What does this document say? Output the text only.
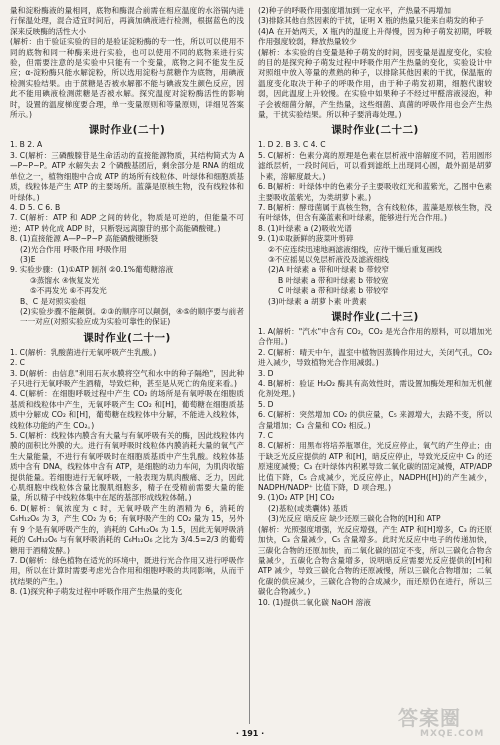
量和淀粉酶液的量相同，底物和酶混合前需在相应温度的水浴锅内进行保温处理，混合适宜时间后，再滴加碘液进行检测，根据蓝色的浅深来反映酶的活性大小

(解析：由于验证实验的目的是验证淀粉酶的专一性，所以可以使用不同的底物和同一种酶来进行实验，也可以使用不同的底物来进行实验，但需要注意的是实验中只能有一个变量，底物之间不能发生反应；α‐淀粉酶只能水解淀粉，所以选用淀粉与蔗糖作为底物，用碘液检测实验结果。由于蔗糖是否被水解都不能与碘液发生颜色反应，因此不能用碘液检测蔗糖是否被水解。探究温度对淀粉酶活性的影响时，设置的温度梯度要合理，单一变量原则和等量原则，详细见答案所示。)

课时作业(二十)

1. B 2. A

3. C(解析：三磷酸腺苷是生命活动的直接能源物质，其结构简式为 A—P~P~P。ATP 水解失去 2 个磷酸基团后，剩余部分是 RNA 的组成单位之一，植物细胞中合成 ATP 的场所有线粒体、叶绿体和细胞质基质，线粒体是产生 ATP 的主要场所。蓝藻是原核生物，没有线粒体和叶绿体。)

4. D 5. C 6. B

7. C(解析：ATP 和 ADP 之间的转化，物质是可逆的，但能量不可逆；ATP 转化成 ADP 时，只断裂远离腺苷的那个高能磷酸键。)

8. (1)直接能源 A—P~P~P 高能磷酸键断裂

(2)光合作用 呼吸作用 呼吸作用

(3)E

9. 实验步骤：(1)①ATP 制剂 ②0.1%葡萄糖溶液

③蒸馏水 ④恢复发光

⑤不再发光 ⑥不再发光

B、C 是对照实验组

(2)实验步骤不能颠倒。②③的顺序可以颠倒，④⑤的顺序要与前者一一对应(对照实验应成为实验可靠性的保证)

课时作业(二十一)

1. C(解析：乳酸菌进行无氧呼吸产生乳酸。)

2. C

3. D(解析：由信息"利用石灰水膜将空气和水中的种子隔绝"，因此种子只进行无氧呼吸产生酒精，导致烂种，甚至是从死亡的角度来看。)

4. C(解析：在细胞呼吸过程中产生 CO₂ 的场所是有氧呼吸在细胞质基质和线粒体中产生，无氧呼吸产生 CO₂ 和[H]，葡萄糖在细胞质基质中分解成 CO₂ 和[H]，葡萄糖在线粒体中分解，不能进入线粒体，线粒体功能的产生 CO₂。)

5. C(解析：线粒体内膜含有大量与有氧呼吸有关的酶，因此线粒体内膜的面积比外膜的大。进行有氧呼吸时线粒体内膜消耗大量的氧气产生大量能量，不进行有氧呼吸时在细胞质基质中产生乳酸。线粒体基质中含有 DNA，线粒体中含有 ATP，是细胞的动力车间，为肌肉收缩提供能量。若细胞进行无氧呼吸，一般表现为肌肉酸痛、乏力，因此心肌细胞中线粒体含量比腹肌细胞多，精子在受精前需要大量的能量，所以精子中线粒体集中在尾的基部形成线粒体鞘。)

6. D(解析：氧浓度为 c 时，无氧呼吸产生的酒精为 6，消耗的 C₆H₁₂O₆ 为 3，产生 CO₂ 为 6；有氧呼吸产生的 CO₂ 量为 15，另外有 9 个是有氧呼吸产生的，消耗的 C₆H₁₂O₆ 为 1.5，因此无氧呼吸消耗的 C₆H₁₂O₆ 与有氧呼吸消耗的 C₆H₁₂O₆ 之比为 3/4.5=2/3 的葡萄糖用于酒精发酵。)

7. D(解析：绿色植物在适光的环境中，既进行光合作用又进行呼吸作用，所以在计算时需要考虑光合作用和细胞呼吸的共同影响，从而干扰结果的产生。)

8. (1)探究种子萌发过程中呼吸作用产生热量的变化

(2)种子的呼吸作用强度增加到一定水平，产热量不再增加

(3)排除其他自然因素的干扰，证明 X 瓶的热量只能来自萌发的种子

(4)A 在开始两天，X 瓶内的温度上升得慢，因为种子萌发初期，呼吸作用强度较弱，释放热量较少

(解析：本实验的自变量是种子萌发的时间，因变量是温度变化，实验的目的是探究种子萌发过程中呼吸作用产生热量的变化，实验设计中对照组中放入等量的煮熟的种子，以排除其他因素的干扰，保温瓶的温度变化取决于种子的呼吸作用，由于种子萌发初期，细胞代谢较弱，因此温度上升较慢。在实验中如果种子不经过甲醛溶液浸泡，种子会被细菌分解，产生热量，这些细菌、真菌的呼吸作用也会产生热量，干扰实验结果。所以种子要消毒处理。)

课时作业(二十二)

1. D 2. B 3. C 4. C

5. C(解析：色素分离的原理是色素在层析液中溶解度不同，若用圆形滤纸层析，一段时间后，可以看到滤纸上出现同心圆，最外面是胡萝卜素，溶解度最大。)

6. B(解析：叶绿体中的色素分子主要吸收红光和蓝紫光，乙图中色素主要吸收蓝紫光，为类胡萝卜素。)

7. B(解析：酵母菌属于真核生物，含有线粒体，蓝藻是原核生物，没有叶绿体，但含有藻蓝素和叶绿素，能够进行光合作用。)

8. (1)叶绿素 a (2)吸收光谱

9. (1)①取新鲜的菠菜叶剪碎

②不应连续迅速地画滤液细线，应待干燥后重复画线

③不应摇晃以免层析液没及滤液细线

(2)A 叶绿素 a 带和叶绿素 b 带较窄

B 叶绿素 a 带和叶绿素 b 带较宽

C 叶绿素 a 带和叶绿素 b 带较窄

(3)叶绿素 a 胡萝卜素 叶黄素

课时作业(二十三)

1. A(解析："汽水"中含有 CO₂，CO₂ 是光合作用的原料，可以增加光合作用。)

2. C(解析：晴天中午，温室中植物因蒸腾作用过大，关闭气孔，CO₂ 进入减少，导致植物光合作用减弱。)

3. D

4. B(解析：验证 H₂O₂ 酶具有高效性时，需设置加酶处理和加无机催化剂处理。)

5. D

6. C(解析：突然增加 CO₂ 的供应量，C₅ 来源增大，去路不变，所以含量增加；C₃ 含量和 CO₂ 相反。)

7. C

8. C(解析：用黑布将培养瓶罩住，光反应停止，氧气的产生停止；由于缺乏光反应提供的 ATP 和[H]，暗反应停止，导致光反应中 C₃ 的还原速度减慢；C₃ 在叶绿体内积累导致二氧化碳的固定减慢，ATP/ADP 比值下降，C₅ 合成减少，光反应停止，NADPH([H])的产生减少，NADPH/NADP⁺ 比值下降，D 项合理。)

9. (1)O₂ ATP [H] CO₂

(2)基粒(或类囊体) 基质

(3)光反应 暗反应 缺少还原三碳化合物的[H]和 ATP

(解析：光照强度增强，光反应增强，产生 ATP 和[H]增多，C₃ 的还原加快，C₃ 含量减少，C₅ 含量增多。此时光反应中电子的传递加快，三碳化合物的还原加快，而二氧化碳的固定不变，所以三碳化合物含量减少，五碳化合物含量增多，说明暗反应需要光反应提供的[H]和 ATP 减少，导致三碳化合物的还原减慢，所以三碳化合物增加；二氧化碳的供应减少，三碳化合物的合成减少，而还原仍在进行，所以三碳化合物减少。)

10. (1)提供二氧化碳 NaOH 溶液

· 191 ·
答案圈
MXQE.COM
